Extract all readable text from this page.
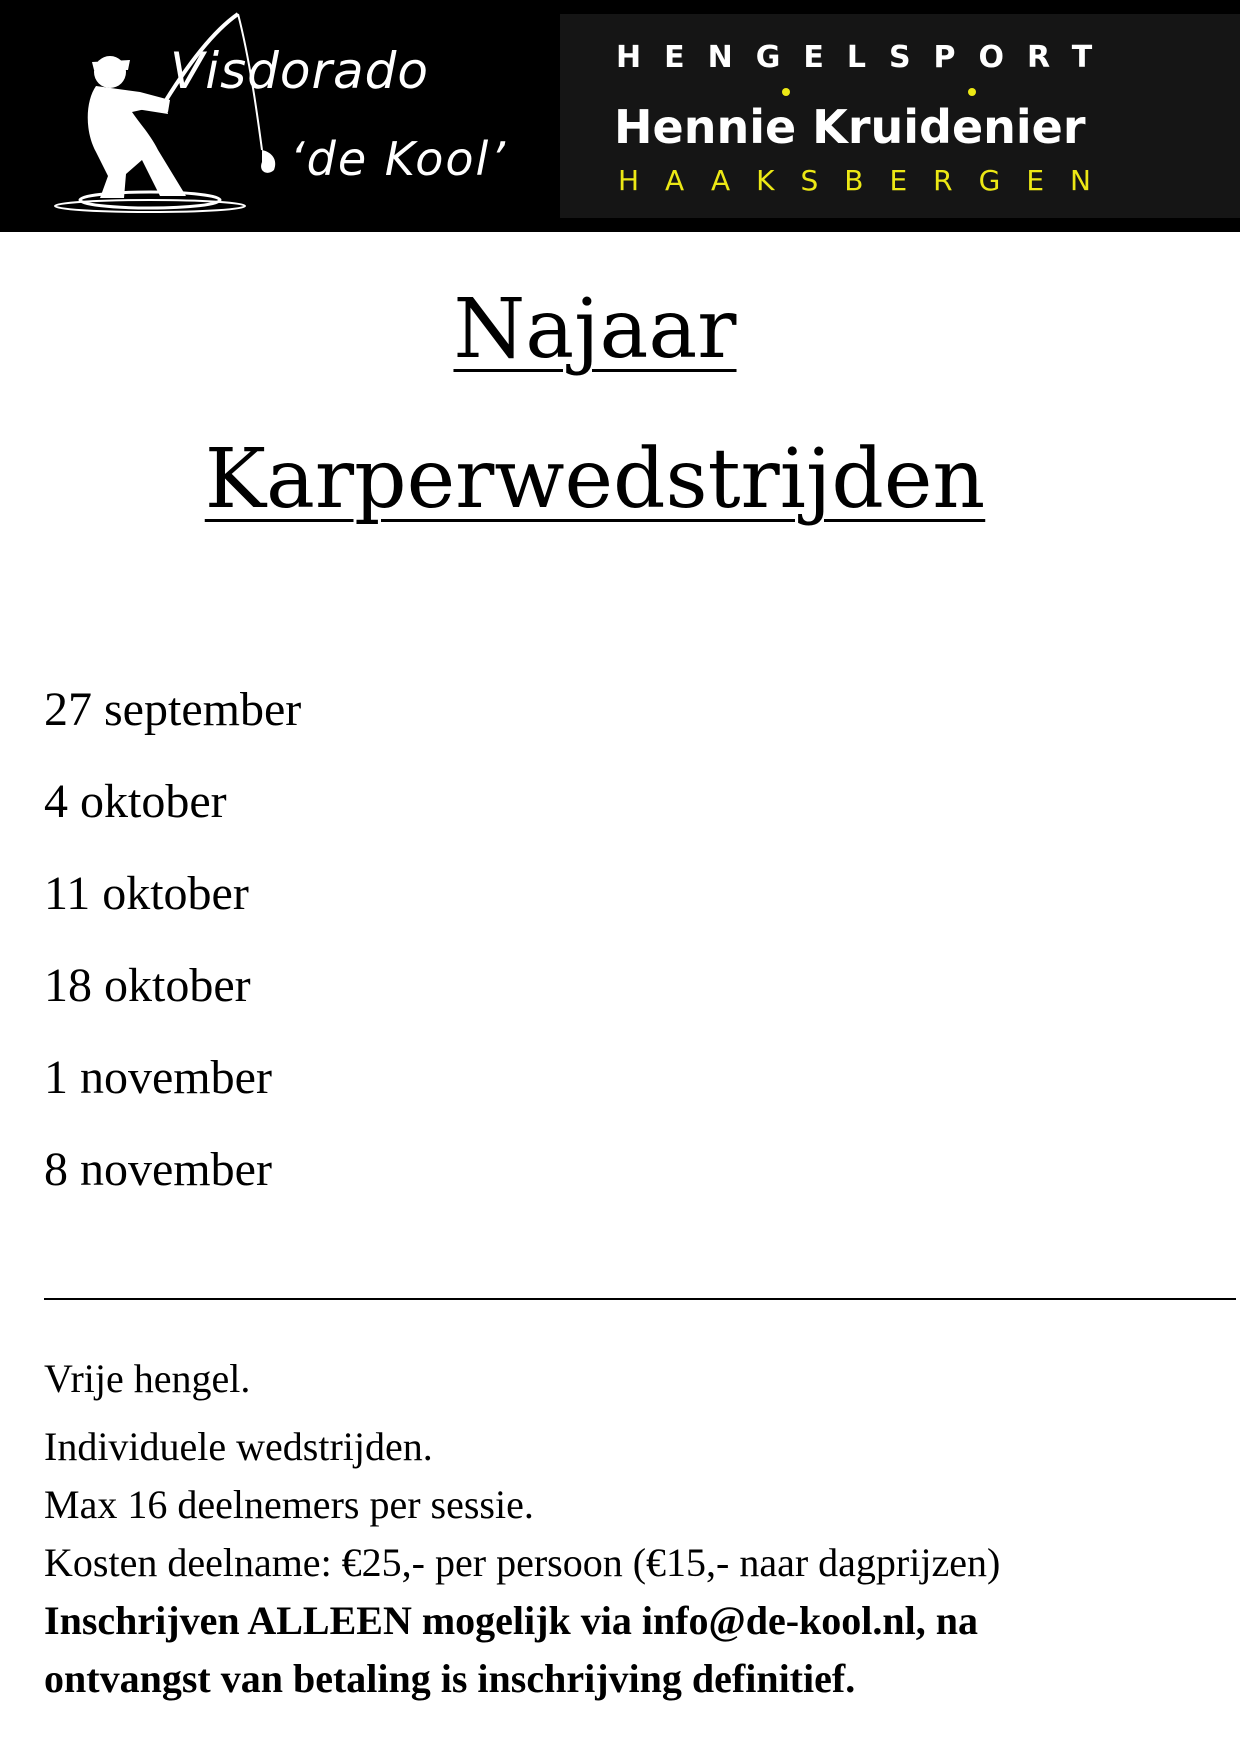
Visdorado
‘de Kool’
HENGELSPORT
Hennie Kruidenier
HAAKSBERGEN
Najaar
Karperwedstrijden
27 september
4 oktober
11 oktober
18 oktober
1 november
8 november

Vrije hengel.

Individuele wedstrijden.

Max 16 deelnemers per sessie.

Kosten deelname: €25,- per persoon (€15,- naar dagprijzen)

Inschrijven ALLEEN mogelijk via info@de-kool.nl, na

ontvangst van betaling is inschrijving definitief.
